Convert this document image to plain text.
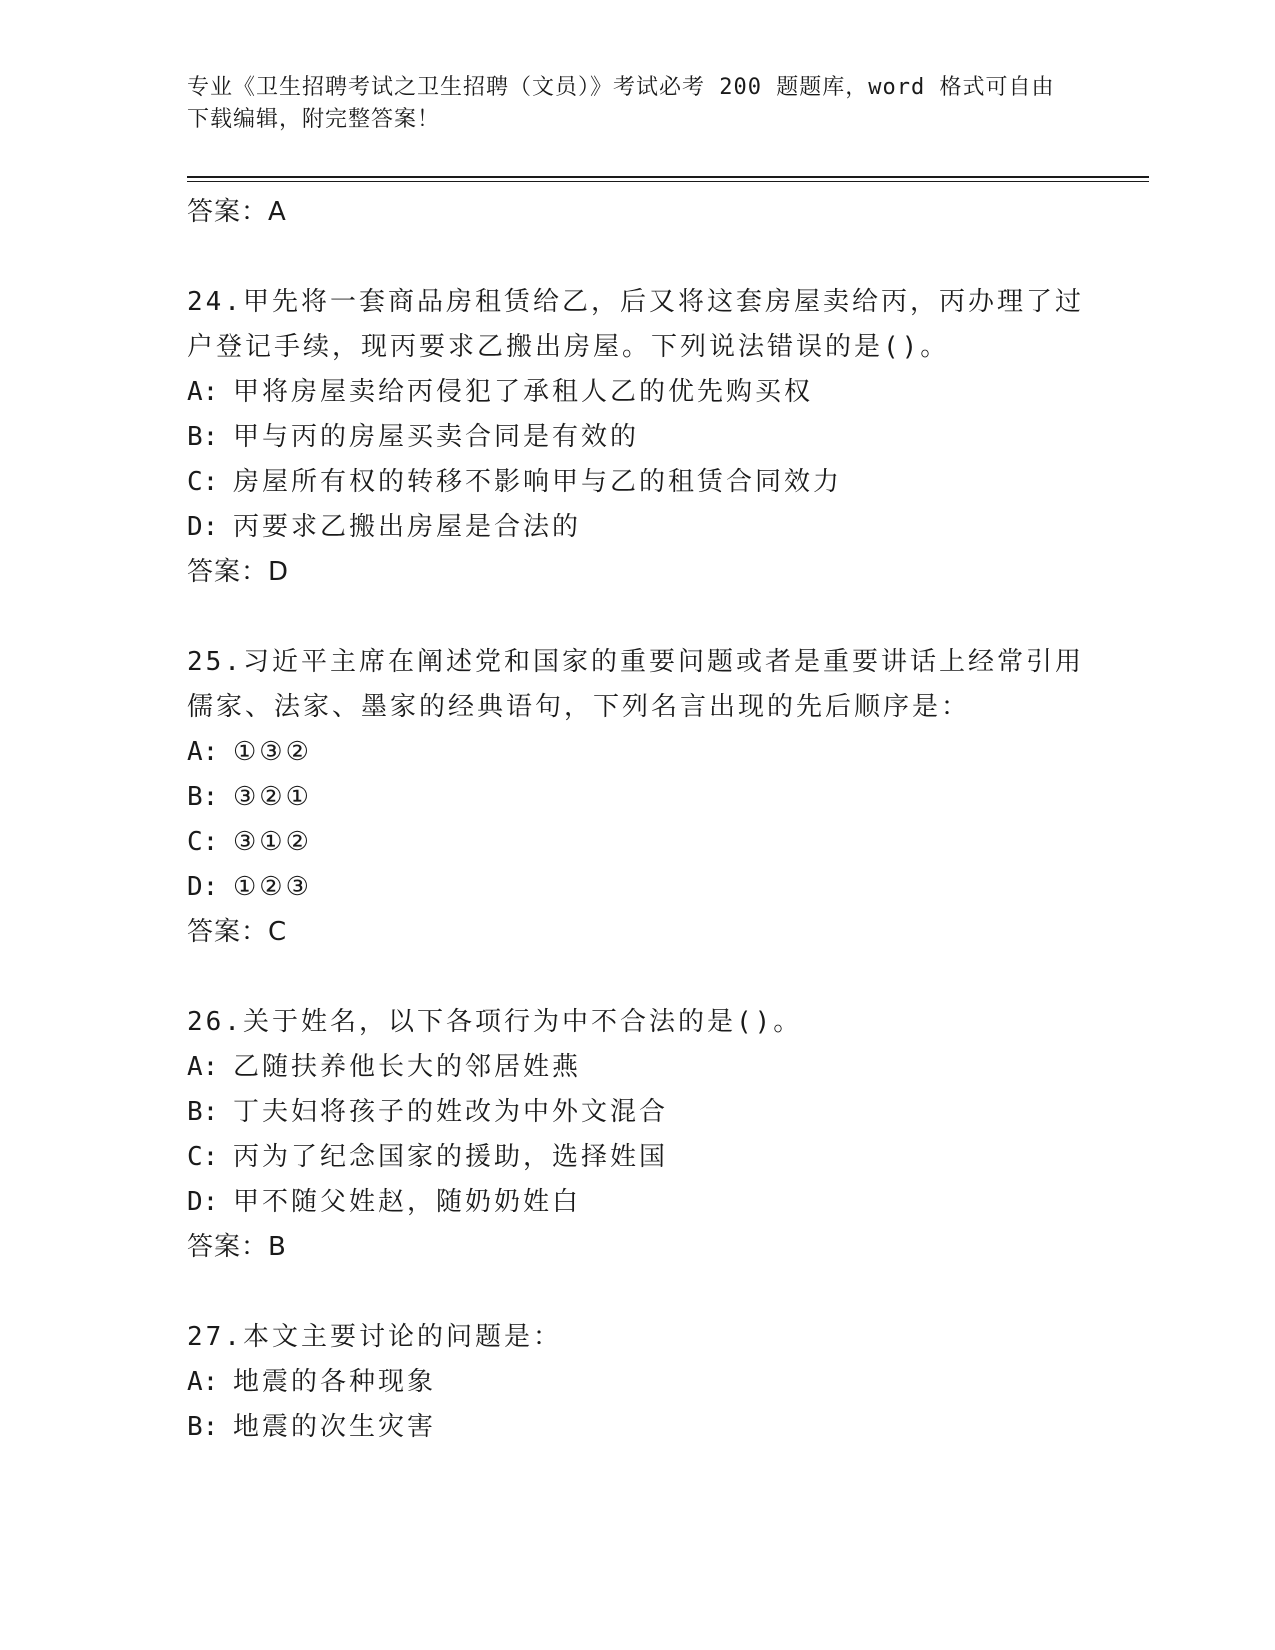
专业《卫生招聘考试之卫生招聘（文员）》考试必考 200 题题库，word 格式可自由下载编辑，附完整答案！
答案：A
24.甲先将一套商品房租赁给乙，后又将这套房屋卖给丙，丙办理了过户登记手续，现丙要求乙搬出房屋。下列说法错误的是()。
A: 甲将房屋卖给丙侵犯了承租人乙的优先购买权
B: 甲与丙的房屋买卖合同是有效的
C: 房屋所有权的转移不影响甲与乙的租赁合同效力
D: 丙要求乙搬出房屋是合法的
答案：D
25.习近平主席在阐述党和国家的重要问题或者是重要讲话上经常引用儒家、法家、墨家的经典语句，下列名言出现的先后顺序是：
A: ①③②
B: ③②①
C: ③①②
D: ①②③
答案：C
26.关于姓名，以下各项行为中不合法的是()。
A: 乙随扶养他长大的邻居姓燕
B: 丁夫妇将孩子的姓改为中外文混合
C: 丙为了纪念国家的援助，选择姓国
D: 甲不随父姓赵，随奶奶姓白
答案：B
27.本文主要讨论的问题是：
A: 地震的各种现象
B: 地震的次生灾害
